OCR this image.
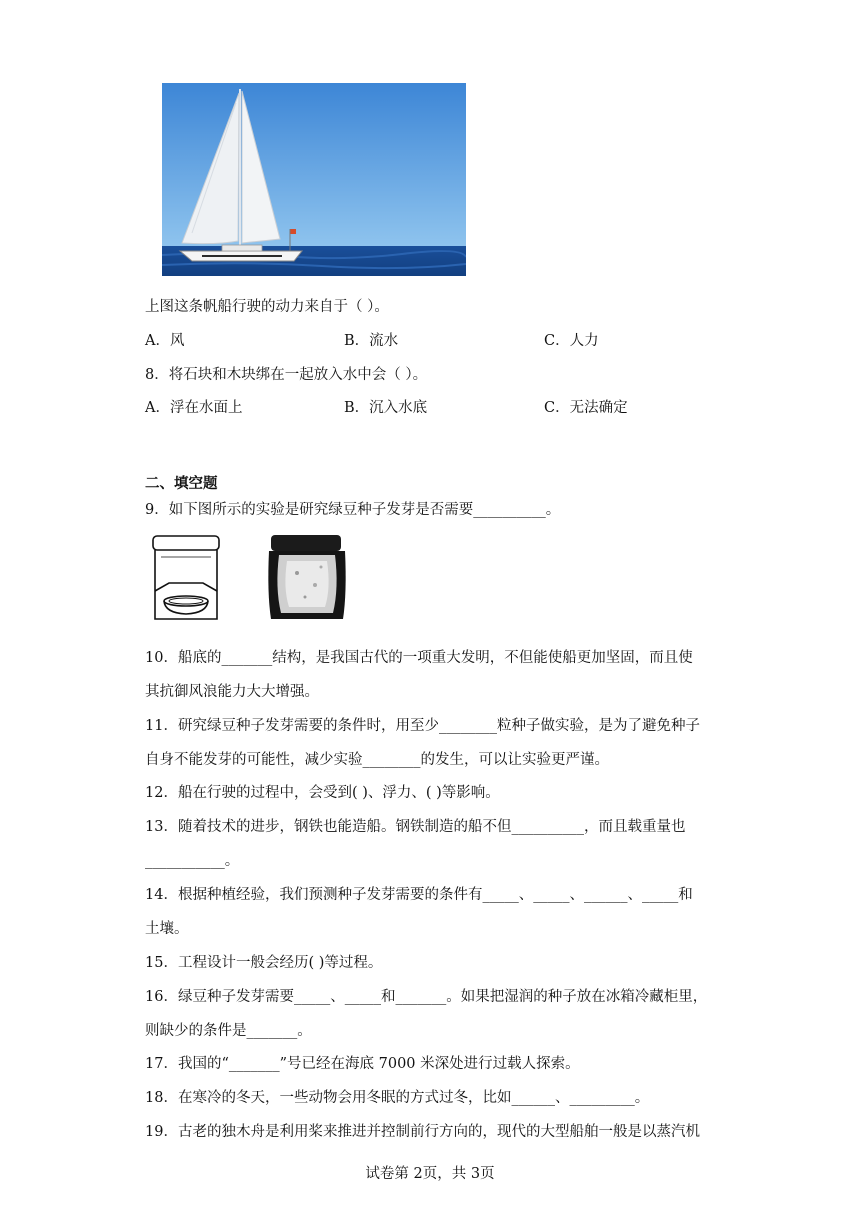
上图这条帆船行驶的动力来自于（ ）。
A．风	B．流水	C．人力
8．将石块和木块绑在一起放入水中会（ ）。
A．浮在水面上	B．沉入水底	C．无法确定
二、填空题
9．如下图所示的实验是研究绿豆种子发芽是否需要__________。
10．船底的_______结构，是我国古代的一项重大发明，不但能使船更加坚固，而且使
其抗御风浪能力大大增强。
11．研究绿豆种子发芽需要的条件时，用至少________粒种子做实验，是为了避免种子
自身不能发芽的可能性，减少实验________的发生，可以让实验更严谨。
12．船在行驶的过程中，会受到( )、浮力、( )等影响。
13．随着技术的进步，钢铁也能造船。钢铁制造的船不但__________，而且载重量也
___________。
14．根据种植经验，我们预测种子发芽需要的条件有_____、_____、______、_____和
土壤。
15．工程设计一般会经历( )等过程。
16．绿豆种子发芽需要_____、_____和_______。如果把湿润的种子放在冰箱冷藏柜里，
则缺少的条件是_______。
17．我国的“_______”号已经在海底 7000 米深处进行过载人探索。
18．在寒冷的冬天，一些动物会用冬眠的方式过冬，比如______、_________。
19．古老的独木舟是利用桨来推进并控制前行方向的，现代的大型船舶一般是以蒸汽机
试卷第 2页，共 3页
